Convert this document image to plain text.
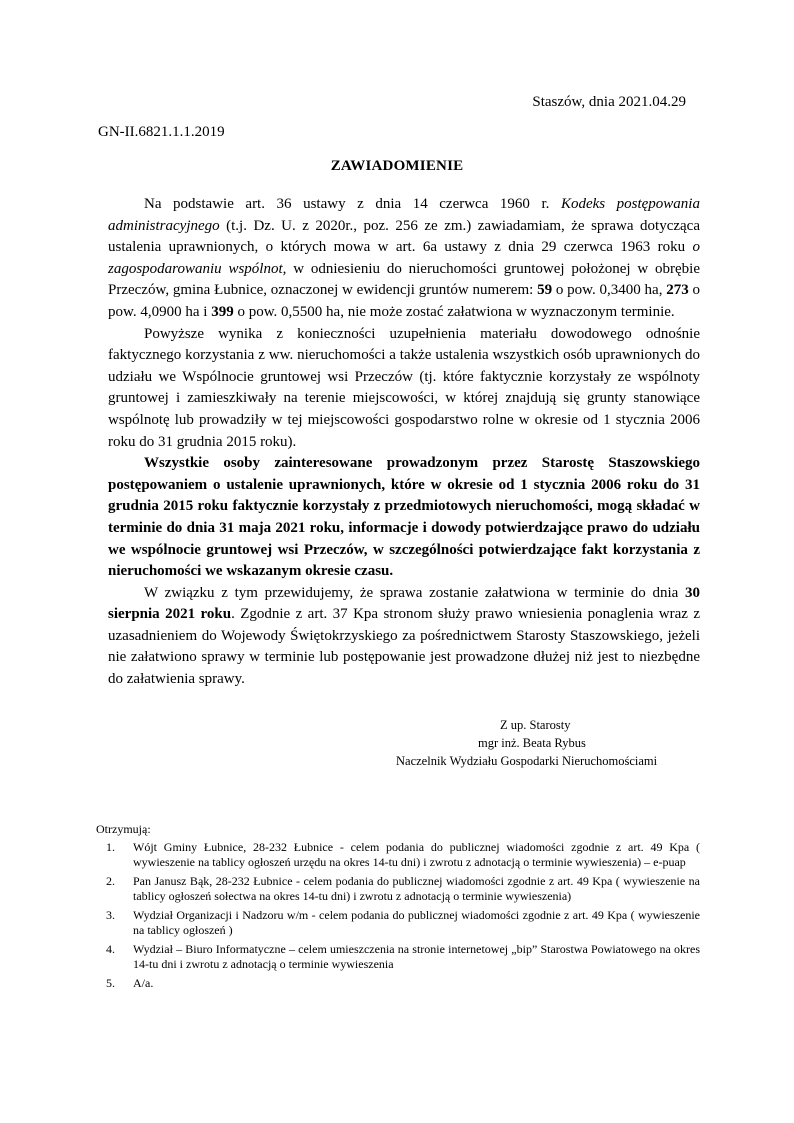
Staszów, dnia 2021.04.29
GN-II.6821.1.1.2019
ZAWIADOMIENIE

Na podstawie art. 36 ustawy z dnia 14 czerwca 1960 r. Kodeks postępowania administracyjnego (t.j. Dz. U. z 2020r., poz. 256 ze zm.) zawiadamiam, że sprawa dotycząca ustalenia uprawnionych, o których mowa w art. 6a ustawy z dnia 29 czerwca 1963 roku o zagospodarowaniu wspólnot, w odniesieniu do nieruchomości gruntowej położonej w obrębie Przeczów, gmina Łubnice, oznaczonej w ewidencji gruntów numerem: 59 o pow. 0,3400 ha, 273 o pow. 4,0900 ha i 399 o pow. 0,5500 ha, nie może zostać załatwiona w wyznaczonym terminie.

Powyższe wynika z konieczności uzupełnienia materiału dowodowego odnośnie faktycznego korzystania z ww. nieruchomości a także ustalenia wszystkich osób uprawnionych do udziału we Wspólnocie gruntowej wsi Przeczów (tj. które faktycznie korzystały ze wspólnoty gruntowej i zamieszkiwały na terenie miejscowości, w której znajdują się grunty stanowiące wspólnotę lub prowadziły w tej miejscowości gospodarstwo rolne w okresie od 1 stycznia 2006 roku do 31 grudnia 2015 roku).

Wszystkie osoby zainteresowane prowadzonym przez Starostę Staszowskiego postępowaniem o ustalenie uprawnionych, które w okresie od 1 stycznia 2006 roku do 31 grudnia 2015 roku faktycznie korzystały z przedmiotowych nieruchomości, mogą składać w terminie do dnia 31 maja 2021 roku, informacje i dowody potwierdzające prawo do udziału we wspólnocie gruntowej wsi Przeczów, w szczególności potwierdzające fakt korzystania z nieruchomości we wskazanym okresie czasu.

W związku z tym przewidujemy, że sprawa zostanie załatwiona w terminie do dnia 30 sierpnia 2021 roku. Zgodnie z art. 37 Kpa stronom służy prawo wniesienia ponaglenia wraz z uzasadnieniem do Wojewody Świętokrzyskiego za pośrednictwem Starosty Staszowskiego, jeżeli nie załatwiono sprawy w terminie lub postępowanie jest prowadzone dłużej niż jest to niezbędne do załatwienia sprawy.

Z up. Starosty
mgr inż. Beata Rybus
Naczelnik Wydziału Gospodarki Nieruchomościami
Otrzymują:
1. Wójt Gminy Łubnice, 28-232 Łubnice - celem podania do publicznej wiadomości zgodnie z art. 49 Kpa ( wywieszenie na tablicy ogłoszeń urzędu na okres 14-tu dni) i zwrotu z adnotacją o terminie wywieszenia) – e-puap
2. Pan Janusz Bąk, 28-232 Łubnice - celem podania do publicznej wiadomości zgodnie z art. 49 Kpa ( wywieszenie na tablicy ogłoszeń sołectwa na okres 14-tu dni) i zwrotu z adnotacją o terminie wywieszenia)
3. Wydział Organizacji i Nadzoru w/m - celem podania do publicznej wiadomości zgodnie z art. 49 Kpa ( wywieszenie na tablicy ogłoszeń )
4. Wydział – Biuro Informatyczne – celem umieszczenia na stronie internetowej „bip” Starostwa Powiatowego na okres 14-tu dni i zwrotu z adnotacją o terminie wywieszenia
5. A/a.
